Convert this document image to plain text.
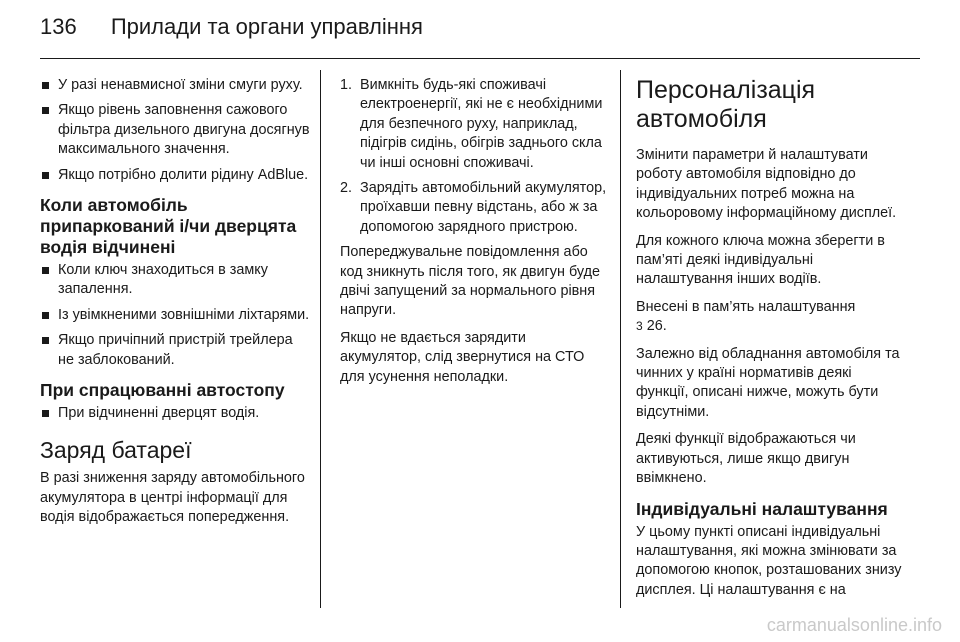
136 Прилади та органи управління
У разі ненавмисної зміни смуги руху.
Якщо рівень заповнення сажового фільтра дизельного двигуна досягнув максимального значення.
Якщо потрібно долити рідину AdBlue.
Коли автомобіль припаркований і/чи дверцята водія відчинені
Коли ключ знаходиться в замку запалення.
Із увімкненими зовнішніми ліхтарями.
Якщо причіпний пристрій трейлера не заблокований.
При спрацюванні автостопу
При відчиненні дверцят водія.
Заряд батареї

В разі зниження заряду автомобільного акумулятора в центрі інформації для водія відображається попередження.

1. Вимкніть будь-які споживачі електроенергії, які не є необхідними для безпечного руху, наприклад, підігрів сидінь, обігрів заднього скла чи інші основні споживачі.
2. Зарядіть автомобільний акумулятор, проїхавши певну відстань, або ж за допомогою зарядного пристрою.

Попереджувальне повідомлення або код зникнуть після того, як двигун буде двічі запущений за нормального рівня напруги.

Якщо не вдається зарядити акумулятор, слід звернутися на СТО для усунення неполадки.

Персоналізація
автомобіля

Змінити параметри й налаштувати роботу автомобіля відповідно до індивідуальних потреб можна на кольоровому інформаційному дисплеї.

Для кожного ключа можна зберегти в пам’яті деякі індивідуальні налаштування інших водіїв.

Внесені в пам’ять налаштування
3 26.

Залежно від обладнання автомобіля та чинних у країні нормативів деякі функції, описані нижче, можуть бути відсутніми.

Деякі функції відображаються чи активуються, лише якщо двигун ввімкнено.

Індивідуальні налаштування

У цьому пункті описані індивідуальні налаштування, які можна змінювати за допомогою кнопок, розташованих знизу дисплея. Ці налаштування є на

carmanualsonline.info
